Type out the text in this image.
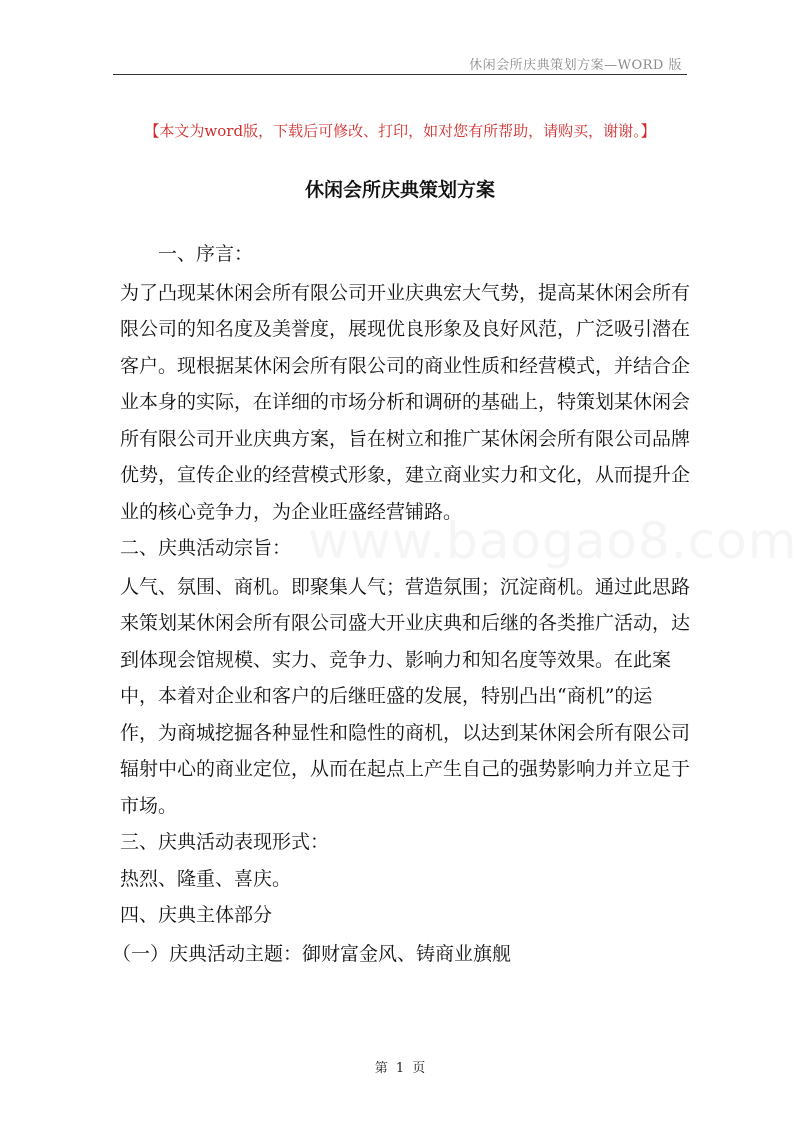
休闲会所庆典策划方案—WORD 版
【本文为word版，下载后可修改、打印，如对您有所帮助，请购买，谢谢。】
休闲会所庆典策划方案
www.baogao8.com

一、序言：

为了凸现某休闲会所有限公司开业庆典宏大气势，提高某休闲会所有限公司的知名度及美誉度，展现优良形象及良好风范，广泛吸引潜在客户。现根据某休闲会所有限公司的商业性质和经营模式，并结合企业本身的实际，在详细的市场分析和调研的基础上，特策划某休闲会所有限公司开业庆典方案，旨在树立和推广某休闲会所有限公司品牌优势，宣传企业的经营模式形象，建立商业实力和文化，从而提升企业的核心竞争力，为企业旺盛经营铺路。

二、庆典活动宗旨：

人气、氛围、商机。即聚集人气；营造氛围；沉淀商机。通过此思路来策划某休闲会所有限公司盛大开业庆典和后继的各类推广活动，达到体现会馆规模、实力、竞争力、影响力和知名度等效果。在此案中，本着对企业和客户的后继旺盛的发展，特别凸出“商机”的运作，为商城挖掘各种显性和隐性的商机，以达到某休闲会所有限公司辐射中心的商业定位，从而在起点上产生自己的强势影响力并立足于市场。

三、庆典活动表现形式：

热烈、隆重、喜庆。

四、庆典主体部分

（一）庆典活动主题：御财富金风、铸商业旗舰

第 1 页
